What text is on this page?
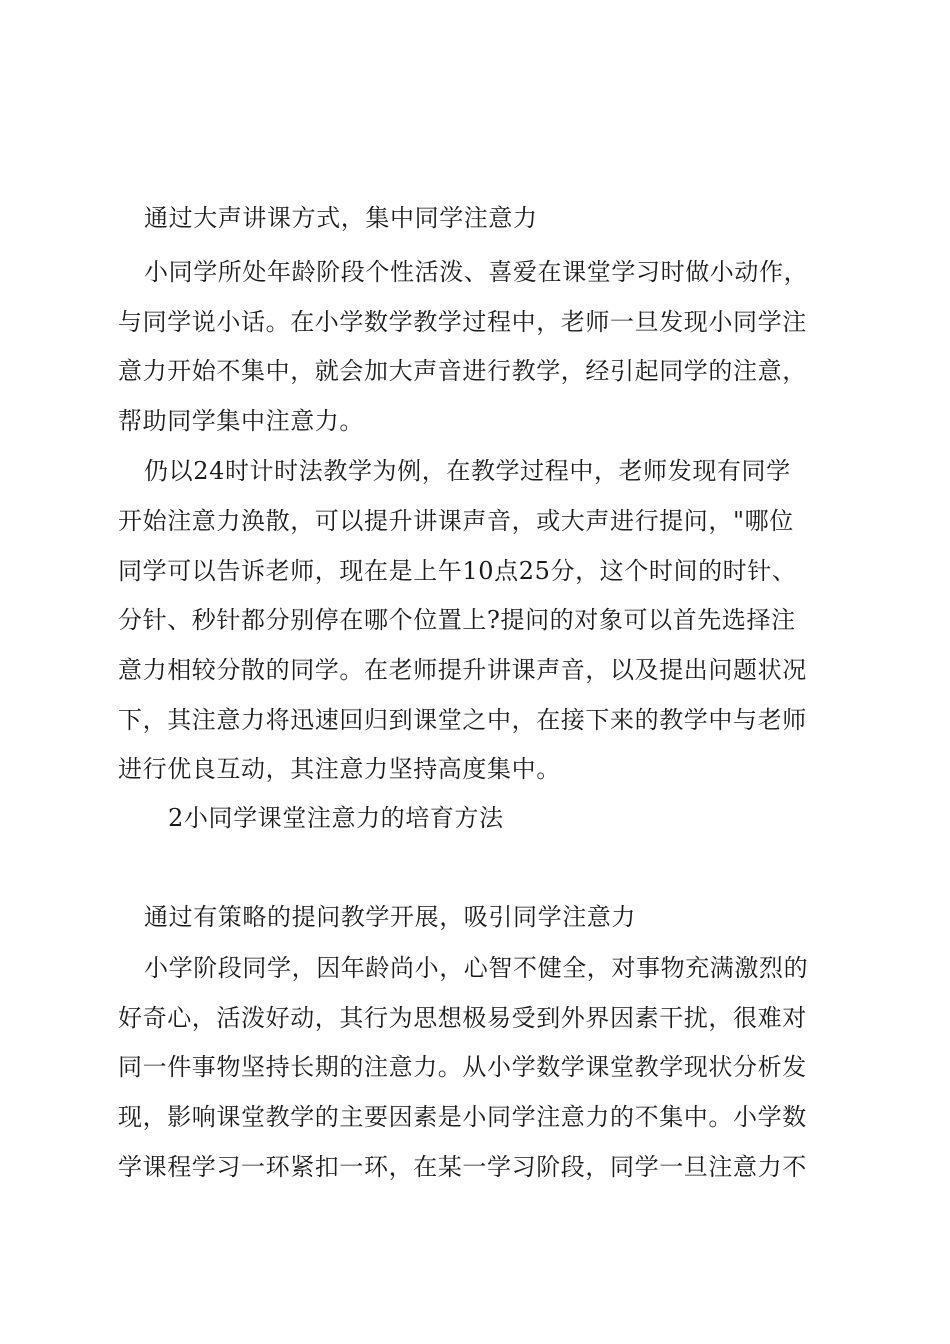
通过大声讲课方式，集中同学注意力
小同学所处年龄阶段个性活泼、喜爱在课堂学习时做小动作，
与同学说小话。在小学数学教学过程中，老师一旦发现小同学注
意力开始不集中，就会加大声音进行教学，经引起同学的注意，
帮助同学集中注意力。
仍以24时计时法教学为例，在教学过程中，老师发现有同学
开始注意力涣散，可以提升讲课声音，或大声进行提问，"哪位
同学可以告诉老师，现在是上午10点25分，这个时间的时针、
分针、秒针都分别停在哪个位置上?提问的对象可以首先选择注
意力相较分散的同学。在老师提升讲课声音，以及提出问题状况
下，其注意力将迅速回归到课堂之中，在接下来的教学中与老师
进行优良互动，其注意力坚持高度集中。
2小同学课堂注意力的培育方法
通过有策略的提问教学开展，吸引同学注意力
小学阶段同学，因年龄尚小，心智不健全，对事物充满激烈的
好奇心，活泼好动，其行为思想极易受到外界因素干扰，很难对
同一件事物坚持长期的注意力。从小学数学课堂教学现状分析发
现，影响课堂教学的主要因素是小同学注意力的不集中。小学数
学课程学习一环紧扣一环，在某一学习阶段，同学一旦注意力不
